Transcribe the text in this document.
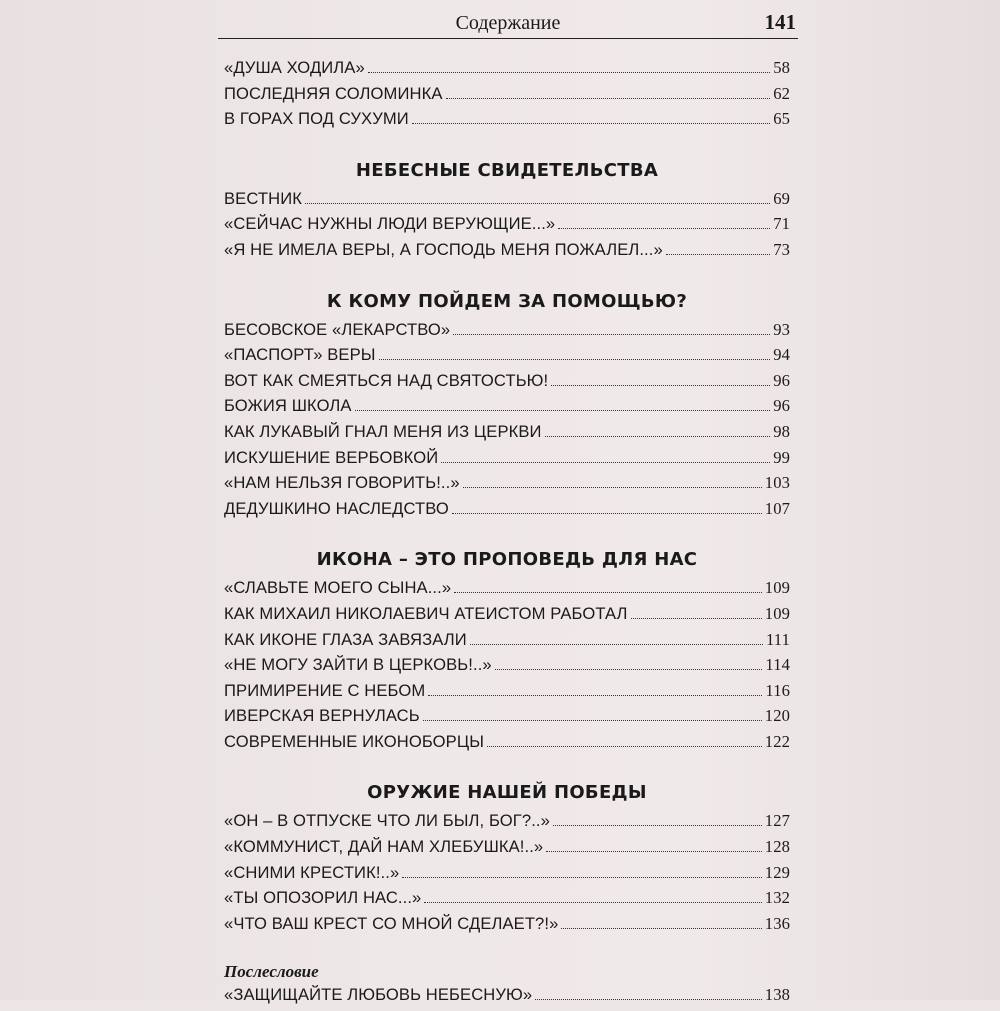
Содержание	141
«ДУША ХОДИЛА»	58
ПОСЛЕДНЯЯ СОЛОМИНКА	62
В ГОРАХ ПОД СУХУМИ	65
НЕБЕСНЫЕ СВИДЕТЕЛЬСТВА
ВЕСТНИК	69
«СЕЙЧАС НУЖНЫ ЛЮДИ ВЕРУЮЩИЕ...»	71
«Я НЕ ИМЕЛА ВЕРЫ, А ГОСПОДЬ МЕНЯ ПОЖАЛЕЛ...»	73
К КОМУ ПОЙДЕМ ЗА ПОМОЩЬЮ?
БЕСОВСКОЕ «ЛЕКАРСТВО»	93
«ПАСПОРТ» ВЕРЫ	94
ВОТ КАК СМЕЯТЬСЯ НАД СВЯТОСТЬЮ!	96
БОЖИЯ ШКОЛА	96
КАК ЛУКАВЫЙ ГНАЛ МЕНЯ ИЗ ЦЕРКВИ	98
ИСКУШЕНИЕ ВЕРБОВКОЙ	99
«НАМ НЕЛЬЗЯ ГОВОРИТЬ!..»	103
ДЕДУШКИНО НАСЛЕДСТВО	107
ИКОНА – ЭТО ПРОПОВЕДЬ ДЛЯ НАС
«СЛАВЬТЕ МОЕГО СЫНА...»	109
КАК МИХАИЛ НИКОЛАЕВИЧ АТЕИСТОМ РАБОТАЛ	109
КАК ИКОНЕ ГЛАЗА ЗАВЯЗАЛИ	111
«НЕ МОГУ ЗАЙТИ В ЦЕРКОВЬ!..»	114
ПРИМИРЕНИЕ С НЕБОМ	116
ИВЕРСКАЯ ВЕРНУЛАСЬ	120
СОВРЕМЕННЫЕ ИКОНОБОРЦЫ	122
ОРУЖИЕ НАШЕЙ ПОБЕДЫ
«ОН – В ОТПУСКЕ ЧТО ЛИ БЫЛ, БОГ?..»	127
«КОММУНИСТ, ДАЙ НАМ ХЛЕБУШКА!..»	128
«СНИМИ КРЕСТИК!..»	129
«ТЫ ОПОЗОРИЛ НАС...»	132
«ЧТО ВАШ КРЕСТ СО МНОЙ СДЕЛАЕТ?!»	136
Послесловие
«ЗАЩИЩАЙТЕ ЛЮБОВЬ НЕБЕСНУЮ»	138
